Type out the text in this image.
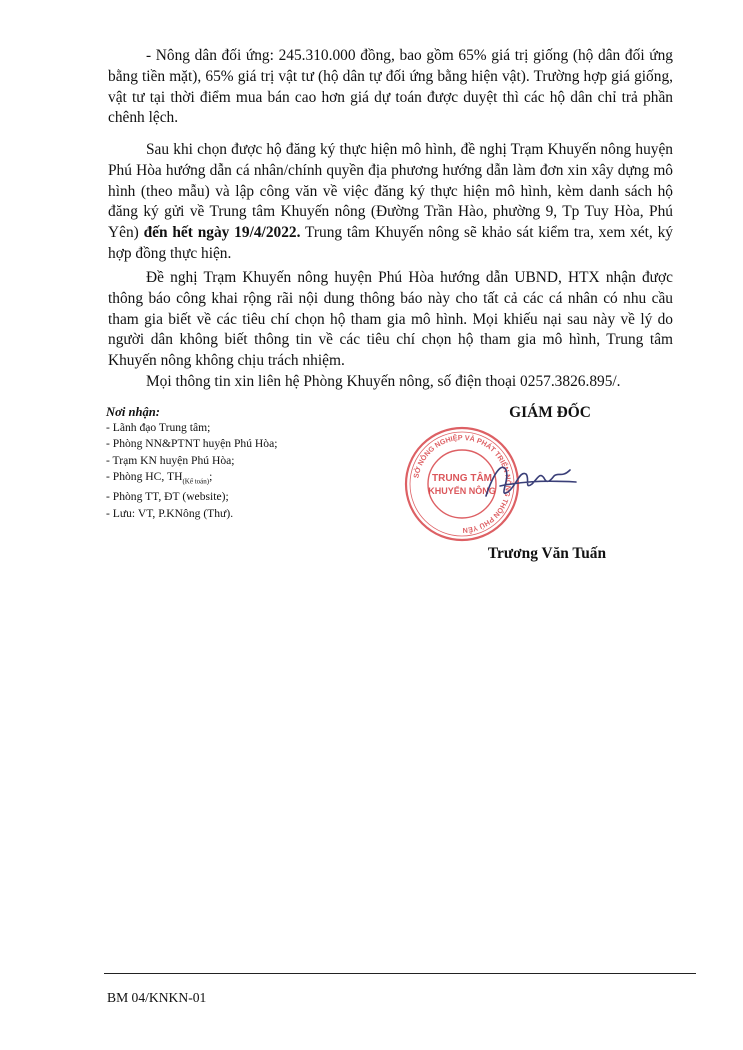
- Nông dân đối ứng: 245.310.000 đồng, bao gồm 65% giá trị giống (hộ dân đối ứng bằng tiền mặt), 65% giá trị vật tư (hộ dân tự đối ứng bằng hiện vật). Trường hợp giá giống, vật tư tại thời điểm mua bán cao hơn giá dự toán được duyệt thì các hộ dân chỉ trả phần chênh lệch.

Sau khi chọn được hộ đăng ký thực hiện mô hình, đề nghị Trạm Khuyến nông huyện Phú Hòa hướng dẫn cá nhân/chính quyền địa phương hướng dẫn làm đơn xin xây dựng mô hình (theo mẫu) và lập công văn về việc đăng ký thực hiện mô hình, kèm danh sách hộ đăng ký gửi về Trung tâm Khuyến nông (Đường Trần Hào, phường 9, Tp Tuy Hòa, Phú Yên) đến hết ngày 19/4/2022. Trung tâm Khuyến nông sẽ khảo sát kiểm tra, xem xét, ký hợp đồng thực hiện.

Đề nghị Trạm Khuyến nông huyện Phú Hòa hướng dẫn UBND, HTX nhận được thông báo công khai rộng rãi nội dung thông báo này cho tất cả các cá nhân có nhu cầu tham gia biết về các tiêu chí chọn hộ tham gia mô hình. Mọi khiếu nại sau này về lý do người dân không biết thông tin về các tiêu chí chọn hộ tham gia mô hình, Trung tâm Khuyến nông không chịu trách nhiệm.

Mọi thông tin xin liên hệ Phòng Khuyến nông, số điện thoại 0257.3826.895/.

Nơi nhận:
- Lãnh đạo Trung tâm;
- Phòng NN&PTNT huyện Phú Hòa;
- Trạm KN huyện Phú Hòa;
- Phòng HC, $TH_{(Kế toán)}$;
- Phòng TT, ĐT (website);
- Lưu: VT, P.KNông (Thư).
GIÁM ĐỐC
SỞ NÔNG NGHIỆP VÀ PHÁT TRIỂN NÔNG THÔN PHÚ YÊN
TRUNG TÂM
KHUYẾN NÔNG
Trương Văn Tuấn
BM 04/KNKN-01
